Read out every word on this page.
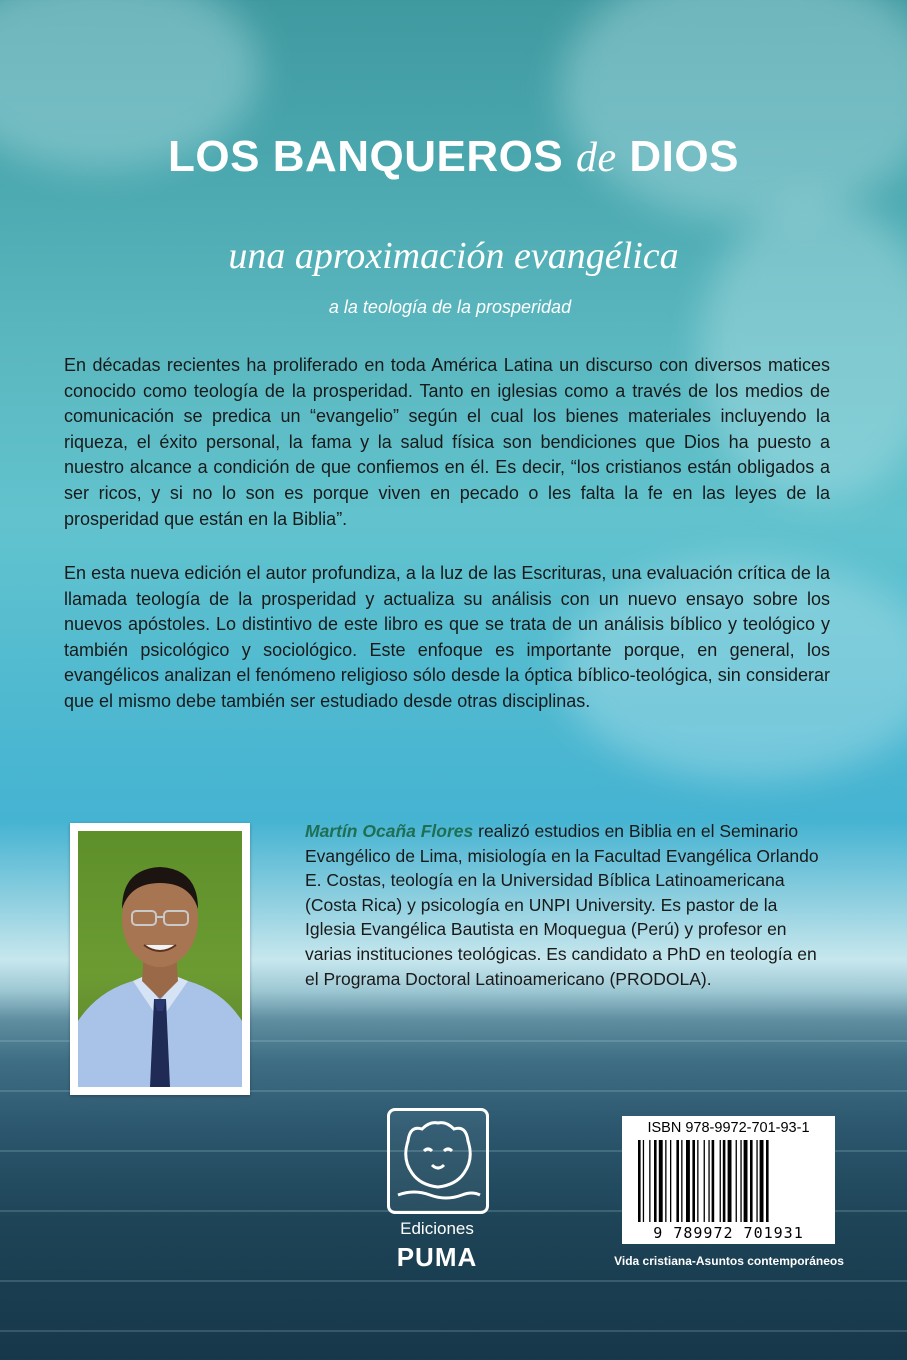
LOS BANQUEROS de DIOS
una aproximación evangélica
a la teología de la prosperidad
En décadas recientes ha proliferado en toda América Latina un discurso con diversos matices conocido como teología de la prosperidad. Tanto en iglesias como a través de los medios de comunicación se predica un “evangelio” según el cual los bienes materiales incluyendo la riqueza, el éxito personal, la fama y la salud física son bendiciones que Dios ha puesto a nuestro alcance a condición de que confiemos en él. Es decir, “los cristianos están obligados a ser ricos, y si no lo son es porque viven en pecado o les falta la fe en las leyes de la prosperidad que están en la Biblia”.
En esta nueva edición el autor profundiza, a la luz de las Escrituras, una evaluación crítica de la llamada teología de la prosperidad y actualiza su análisis con un nuevo ensayo sobre los nuevos apóstoles. Lo distintivo de este libro es que se trata de un análisis bíblico y teológico y también psicológico y sociológico. Este enfoque es importante porque, en general, los evangélicos analizan el fenómeno religioso sólo desde la óptica bíblico-teológica, sin considerar que el mismo debe también ser estudiado desde otras disciplinas.
Martín Ocaña Flores realizó estudios en Biblia en el Seminario Evangélico de Lima, misiología en la Facultad Evangélica Orlando E. Costas, teología en la Universidad Bíblica Latinoamericana (Costa Rica) y psicología en UNPI University. Es pastor de la Iglesia Evangélica Bautista en Moquegua (Perú) y profesor en varias instituciones teológicas. Es candidato a PhD en teología en el Programa Doctoral Latinoamericano (PRODOLA).
Ediciones
PUMA
ISBN 978-9972-701-93-1
9 789972 701931
Vida cristiana-Asuntos contemporáneos
